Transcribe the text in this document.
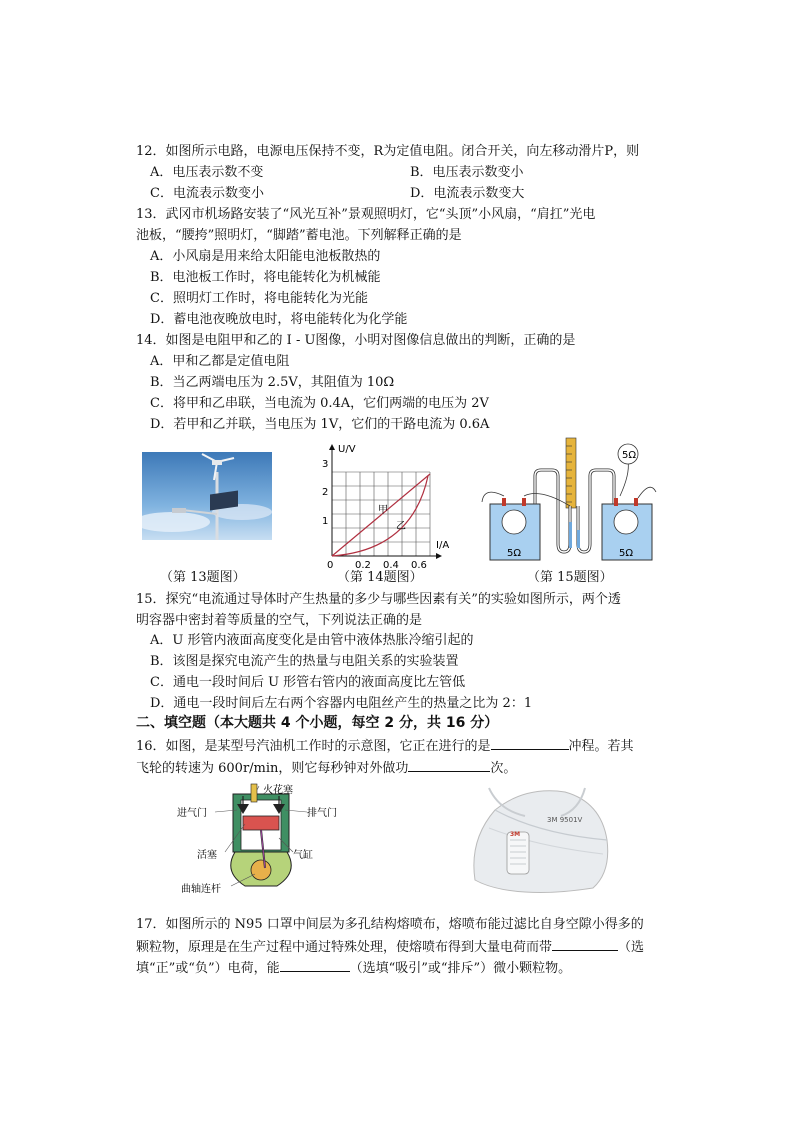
12．如图所示电路，电源电压保持不变，R为定值电阻。闭合开关，向左移动滑片P，则
A．电压表示数不变	B．电压表示数变小
C．电流表示数变小	D．电流表示数变大
13．武冈市机场路安装了“风光互补”景观照明灯，它“头顶”小风扇，“肩扛”光电
池板，“腰挎”照明灯，“脚踏”蓄电池。下列解释正确的是
A．小风扇是用来给太阳能电池板散热的
B．电池板工作时，将电能转化为机械能
C．照明灯工作时，将电能转化为光能
D．蓄电池夜晚放电时，将电能转化为化学能
14．如图是电阻甲和乙的 I - U图像，小明对图像信息做出的判断，正确的是
A．甲和乙都是定值电阻
B．当乙两端电压为 2.5V，其阻值为 10Ω
C．将甲和乙串联，当电流为 0.4A，它们两端的电压为 2V
D．若甲和乙并联，当电压为 1V，它们的干路电流为 0.6A
U/V
I/A
3
2
1
0 0.2 0.4 0.6
甲
乙
5Ω
5Ω	5Ω
（第 13题图）	（第 14题图）	（第 15题图）
15．探究“电流通过导体时产生热量的多少与哪些因素有关”的实验如图所示，两个透
明容器中密封着等质量的空气，下列说法正确的是
A．U 形管内液面高度变化是由管中液体热胀冷缩引起的
B．该图是探究电流产生的热量与电阻关系的实验装置
C．通电一段时间后 U 形管右管内的液面高度比左管低
D．通电一段时间后左右两个容器内电阻丝产生的热量之比为 2：1
二、填空题（本大题共 4 个小题，每空 2 分，共 16 分）
16．如图，是某型号汽油机工作时的示意图，它正在进行的是	冲程。若其
飞轮的转速为 600r/min，则它每秒钟对外做功	次。
火花塞
进气门	排气门
活塞	气缸
曲轴连杆
3M
3M 9501V
17．如图所示的 N95 口罩中间层为多孔结构熔喷布，熔喷布能过滤比自身空隙小得多的
颗粒物，原理是在生产过程中通过特殊处理，使熔喷布得到大量电荷而带	（选
填“正”或“负”）电荷，能	（选填“吸引”或“排斥”）微小颗粒物。
